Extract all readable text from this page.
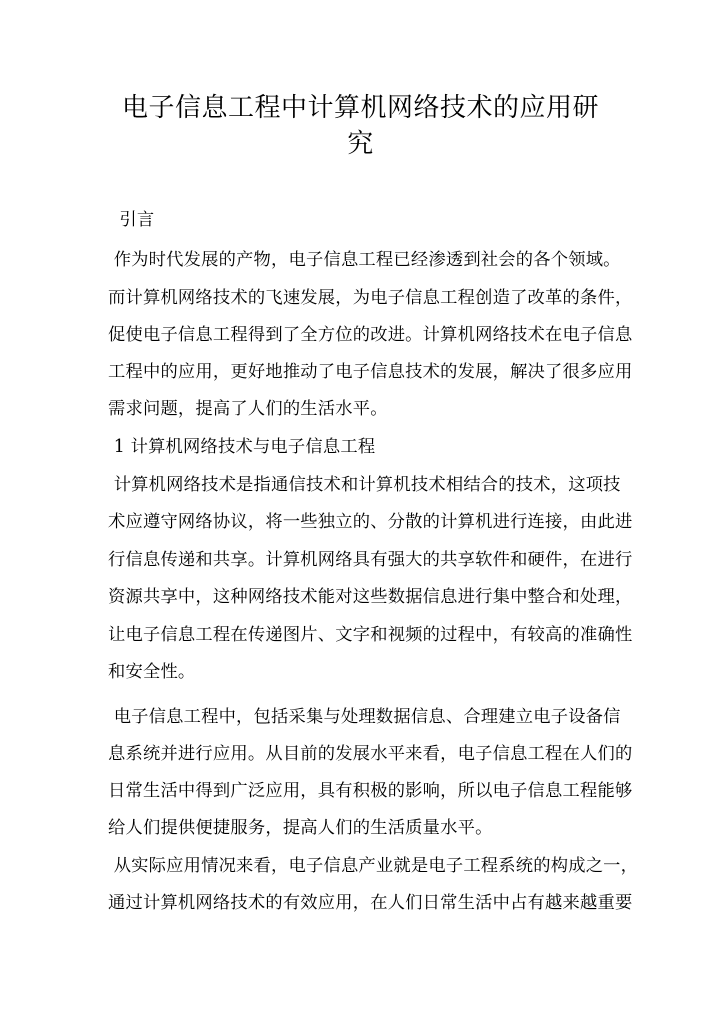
电子信息工程中计算机网络技术的应用研
究
引言
作为时代发展的产物，电子信息工程已经渗透到社会的各个领域。
而计算机网络技术的飞速发展，为电子信息工程创造了改革的条件，
促使电子信息工程得到了全方位的改进。计算机网络技术在电子信息
工程中的应用，更好地推动了电子信息技术的发展，解决了很多应用
需求问题，提高了人们的生活水平。
1 计算机网络技术与电子信息工程
计算机网络技术是指通信技术和计算机技术相结合的技术，这项技
术应遵守网络协议，将一些独立的、分散的计算机进行连接，由此进
行信息传递和共享。计算机网络具有强大的共享软件和硬件，在进行
资源共享中，这种网络技术能对这些数据信息进行集中整合和处理，
让电子信息工程在传递图片、文字和视频的过程中，有较高的准确性
和安全性。
电子信息工程中，包括采集与处理数据信息、合理建立电子设备信
息系统并进行应用。从目前的发展水平来看，电子信息工程在人们的
日常生活中得到广泛应用，具有积极的影响，所以电子信息工程能够
给人们提供便捷服务，提高人们的生活质量水平。
从实际应用情况来看，电子信息产业就是电子工程系统的构成之一，
通过计算机网络技术的有效应用，在人们日常生活中占有越来越重要
